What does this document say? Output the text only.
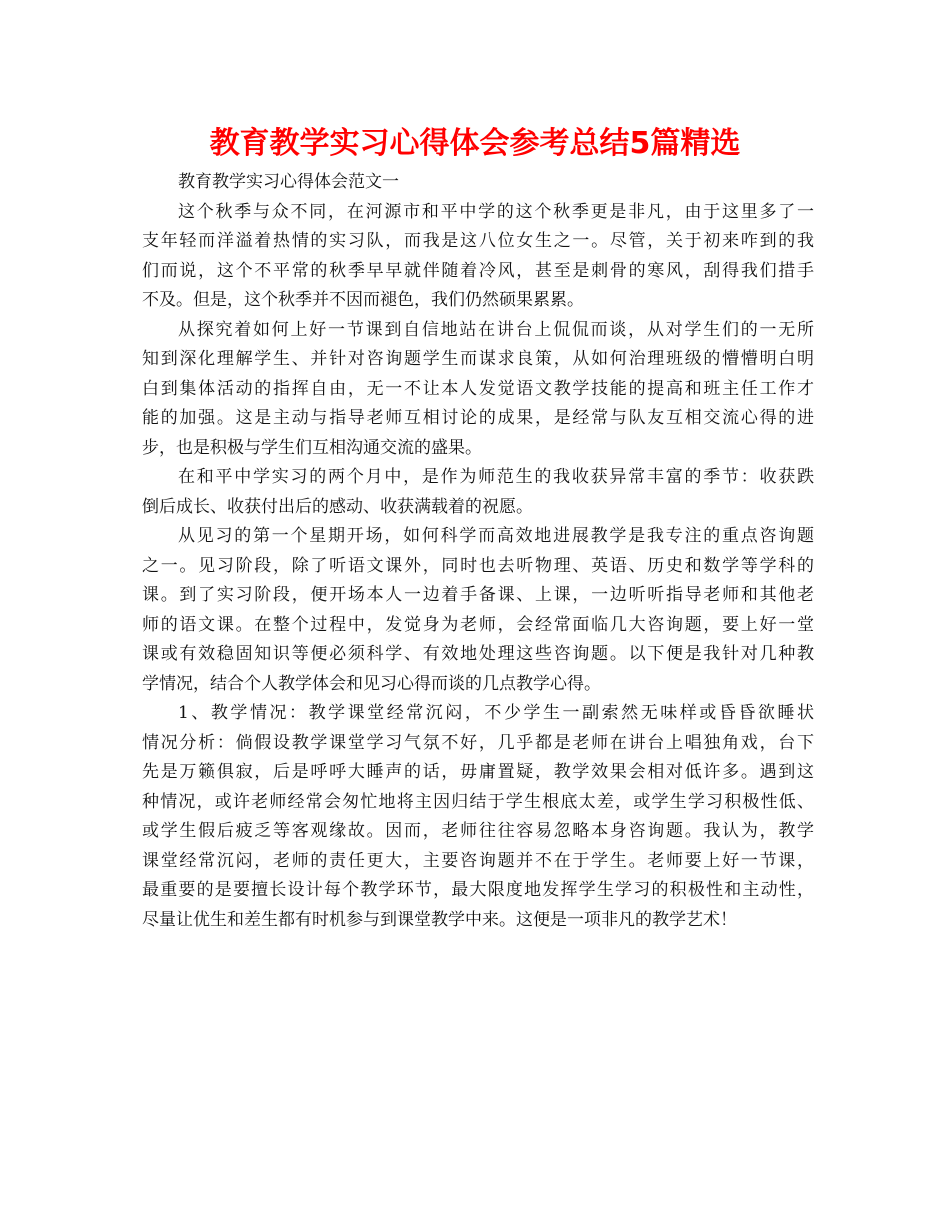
教育教学实习心得体会参考总结5篇精选
教育教学实习心得体会范文一
这个秋季与众不同，在河源市和平中学的这个秋季更是非凡，由于这里多了一
支年轻而洋溢着热情的实习队，而我是这八位女生之一。尽管，关于初来咋到的我
们而说，这个不平常的秋季早早就伴随着冷风，甚至是刺骨的寒风，刮得我们措手
不及。但是，这个秋季并不因而褪色，我们仍然硕果累累。
从探究着如何上好一节课到自信地站在讲台上侃侃而谈，从对学生们的一无所
知到深化理解学生、并针对咨询题学生而谋求良策，从如何治理班级的懵懵明白明
白到集体活动的指挥自由，无一不让本人发觉语文教学技能的提高和班主任工作才
能的加强。这是主动与指导老师互相讨论的成果，是经常与队友互相交流心得的进
步，也是积极与学生们互相沟通交流的盛果。
在和平中学实习的两个月中，是作为师范生的我收获异常丰富的季节：收获跌
倒后成长、收获付出后的感动、收获满载着的祝愿。
从见习的第一个星期开场，如何科学而高效地进展教学是我专注的重点咨询题
之一。见习阶段，除了听语文课外，同时也去听物理、英语、历史和数学等学科的
课。到了实习阶段，便开场本人一边着手备课、上课，一边听听指导老师和其他老
师的语文课。在整个过程中，发觉身为老师，会经常面临几大咨询题，要上好一堂
课或有效稳固知识等便必须科学、有效地处理这些咨询题。以下便是我针对几种教
学情况，结合个人教学体会和见习心得而谈的几点教学心得。
1、教学情况：教学课堂经常沉闷，不少学生一副索然无味样或昏昏欲睡状
情况分析：倘假设教学课堂学习气氛不好，几乎都是老师在讲台上唱独角戏，台下
先是万籁俱寂，后是呼呼大睡声的话，毋庸置疑，教学效果会相对低许多。遇到这
种情况，或许老师经常会匆忙地将主因归结于学生根底太差，或学生学习积极性低、
或学生假后疲乏等客观缘故。因而，老师往往容易忽略本身咨询题。我认为，教学
课堂经常沉闷，老师的责任更大，主要咨询题并不在于学生。老师要上好一节课，
最重要的是要擅长设计每个教学环节，最大限度地发挥学生学习的积极性和主动性，
尽量让优生和差生都有时机参与到课堂教学中来。这便是一项非凡的教学艺术！
